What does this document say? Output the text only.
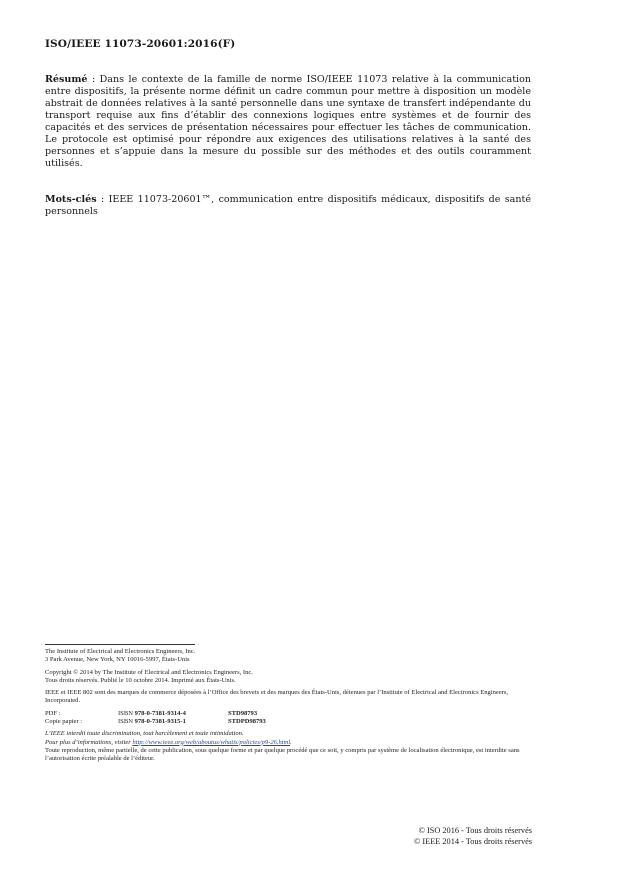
ISO/IEEE 11073-20601:2016(F)

Résumé : Dans le contexte de la famille de norme ISO/IEEE 11073 relative à la communication entre dispositifs, la présente norme définit un cadre commun pour mettre à disposition un modèle abstrait de données relatives à la santé personnelle dans une syntaxe de transfert indépendante du transport requise aux fins d’établir des connexions logiques entre systèmes et de fournir des capacités et des services de présentation nécessaires pour effectuer les tâches de communication. Le protocole est optimisé pour répondre aux exigences des utilisations relatives à la santé des personnes et s’appuie dans la mesure du possible sur des méthodes et des outils couramment utilisés.

Mots-clés : IEEE 11073-20601™, communication entre dispositifs médicaux, dispositifs de santé personnels

The Institute of Electrical and Electronics Engineers, Inc.
3 Park Avenue, New York, NY 10016-5997, États-Unis
Copyright © 2014 by The Institute of Electrical and Electronics Engineers, Inc.
Tous droits réservés. Publié le 10 octobre 2014. Imprimé aux États-Unis.
IEEE et IEEE 802 sont des marques de commerce déposées à l’Office des brevets et des marques des États-Unis, détenues par l’Institute of Electrical and Electronics Engineers, Incorporated.
PDF :	ISBN 978-0-7381-9314-4	STD98793
Copie papier :	ISBN 978-0-7381-9315-1	STDPD98793
L’IEEE interdit toute discrimination, tout harcèlement et toute intimidation.
Pour plus d’informations, visiter http://www.ieee.org/web/aboutus/whatis/policies/p9-26.html.
Toute reproduction, même partielle, de cette publication, sous quelque forme et par quelque procédé que ce soit, y compris par système de localisation électronique, est interdite sans l’autorisation écrite préalable de l’éditeur.
© ISO 2016 - Tous droits réservés
© IEEE 2014 - Tous droits réservés
